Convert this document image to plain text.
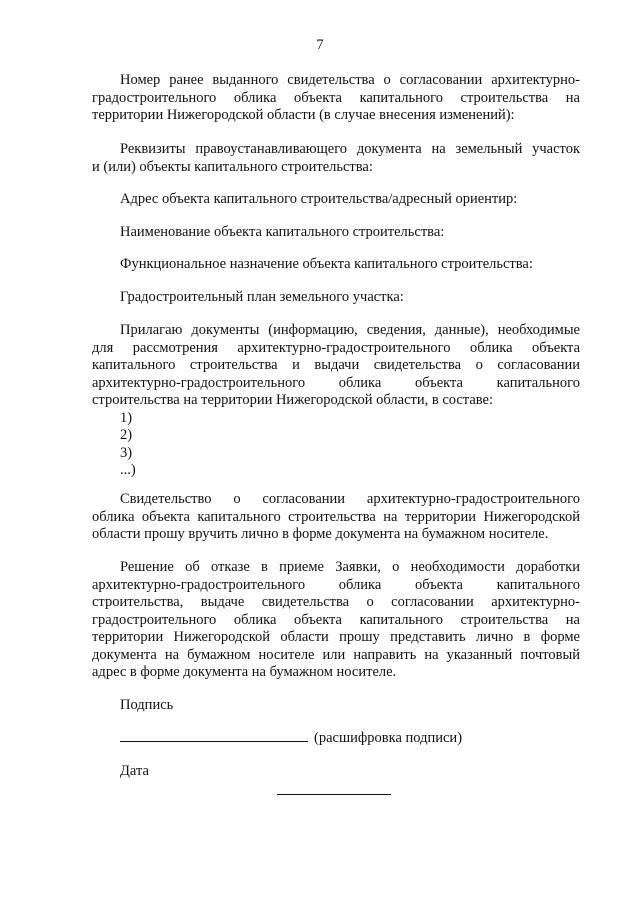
7
Номер ранее выданного свидетельства о согласовании архитектурно-
градостроительного облика объекта капитального строительства на
территории Нижегородской области (в случае внесения изменений):
Реквизиты правоустанавливающего документа на земельный участок
и (или) объекты капитального строительства:
Адрес объекта капитального строительства/адресный ориентир:
Наименование объекта капитального строительства:
Функциональное назначение объекта капитального строительства:
Градостроительный план земельного участка:
Прилагаю документы (информацию, сведения, данные), необходимые
для рассмотрения архитектурно-градостроительного облика объекта
капитального строительства и выдачи свидетельства о согласовании
архитектурно-градостроительного облика объекта капитального
строительства на территории Нижегородской области, в составе:
1)
2)
3)
...)
Свидетельство о согласовании архитектурно-градостроительного
облика объекта капитального строительства на территории Нижегородской
области прошу вручить лично в форме документа на бумажном носителе.
Решение об отказе в приеме Заявки, о необходимости доработки
архитектурно-градостроительного облика объекта капитального
строительства, выдаче свидетельства о согласовании архитектурно-
градостроительного облика объекта капитального строительства на
территории Нижегородской области прошу представить лично в форме
документа на бумажном носителе или направить на указанный почтовый
адрес в форме документа на бумажном носителе.
Подпись
(расшифровка подписи)
Дата
